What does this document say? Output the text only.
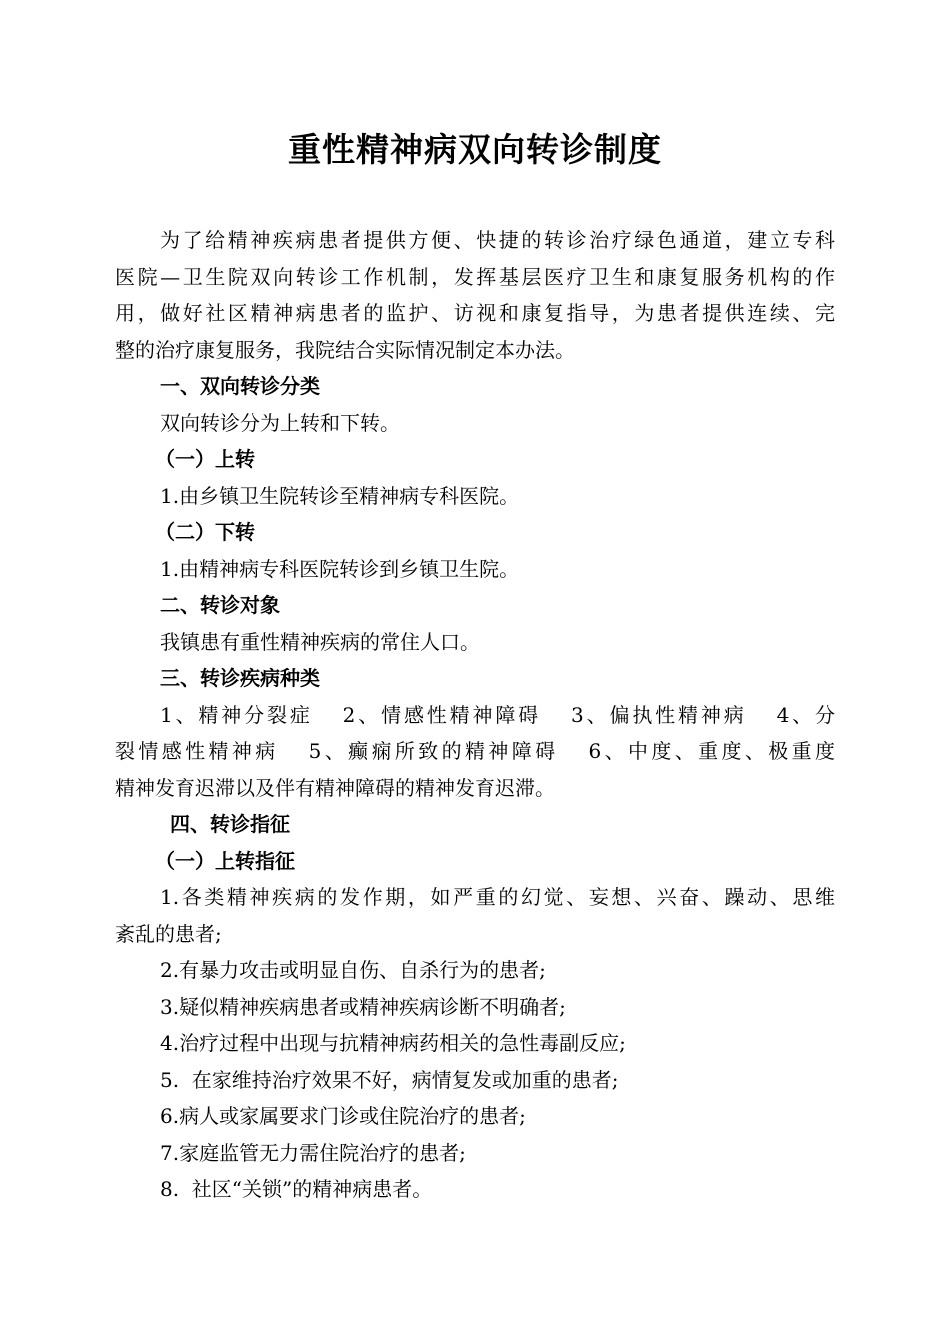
重性精神病双向转诊制度

为了给精神疾病患者提供方便、快捷的转诊治疗绿色通道，建立专科

医院—卫生院双向转诊工作机制，发挥基层医疗卫生和康复服务机构的作

用，做好社区精神病患者的监护、访视和康复指导，为患者提供连续、完

整的治疗康复服务，我院结合实际情况制定本办法。

一、双向转诊分类

双向转诊分为上转和下转。

（一）上转

1.由乡镇卫生院转诊至精神病专科医院。

（二）下转

1.由精神病专科医院转诊到乡镇卫生院。

二、转诊对象

我镇患有重性精神疾病的常住人口。

三、转诊疾病种类

1、精神分裂症 2、情感性精神障碍 3、偏执性精神病 4、分

裂情感性精神病 5、癫痫所致的精神障碍 6、中度、重度、极重度

精神发育迟滞以及伴有精神障碍的精神发育迟滞。

四、转诊指征

（一）上转指征

1.各类精神疾病的发作期，如严重的幻觉、妄想、兴奋、躁动、思维

紊乱的患者;

2.有暴力攻击或明显自伤、自杀行为的患者;

3.疑似精神疾病患者或精神疾病诊断不明确者;

4.治疗过程中出现与抗精神病药相关的急性毒副反应;

5.  在家维持治疗效果不好，病情复发或加重的患者;

6.病人或家属要求门诊或住院治疗的患者;

7.家庭监管无力需住院治疗的患者;

8.  社区“关锁”的精神病患者。
